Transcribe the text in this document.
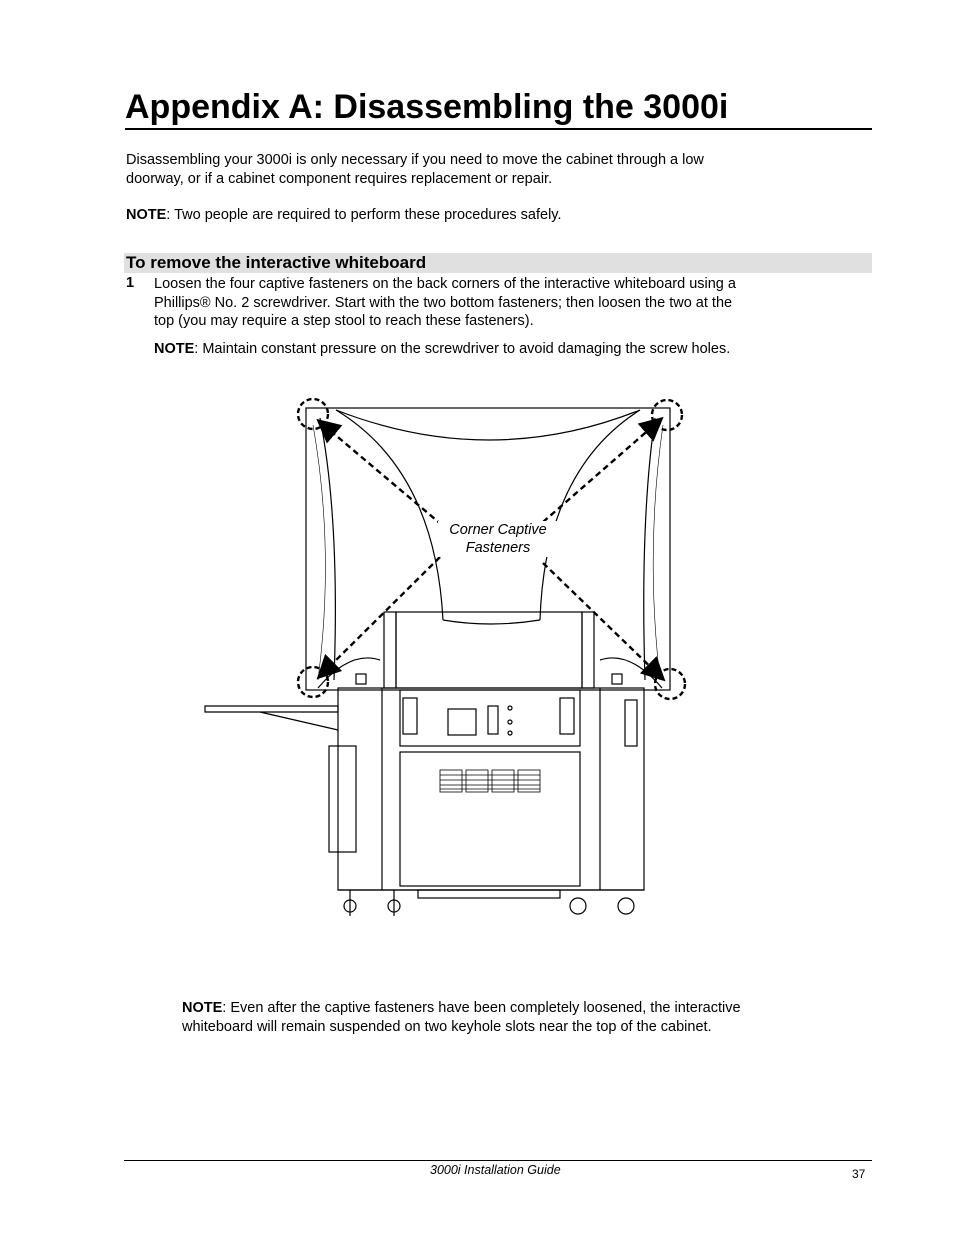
Appendix A: Disassembling the 3000i
Disassembling your 3000i is only necessary if you need to move the cabinet through a low
doorway, or if a cabinet component requires replacement or repair.
NOTE: Two people are required to perform these procedures safely.
To remove the interactive whiteboard
1 Loosen the four captive fasteners on the back corners of the interactive whiteboard using a
Phillips® No. 2 screwdriver. Start with the two bottom fasteners; then loosen the two at the
top (you may require a step stool to reach these fasteners).
NOTE: Maintain constant pressure on the screwdriver to avoid damaging the screw holes.
Corner Captive
Fasteners
NOTE: Even after the captive fasteners have been completely loosened, the interactive
whiteboard will remain suspended on two keyhole slots near the top of the cabinet.
3000i Installation Guide	37
